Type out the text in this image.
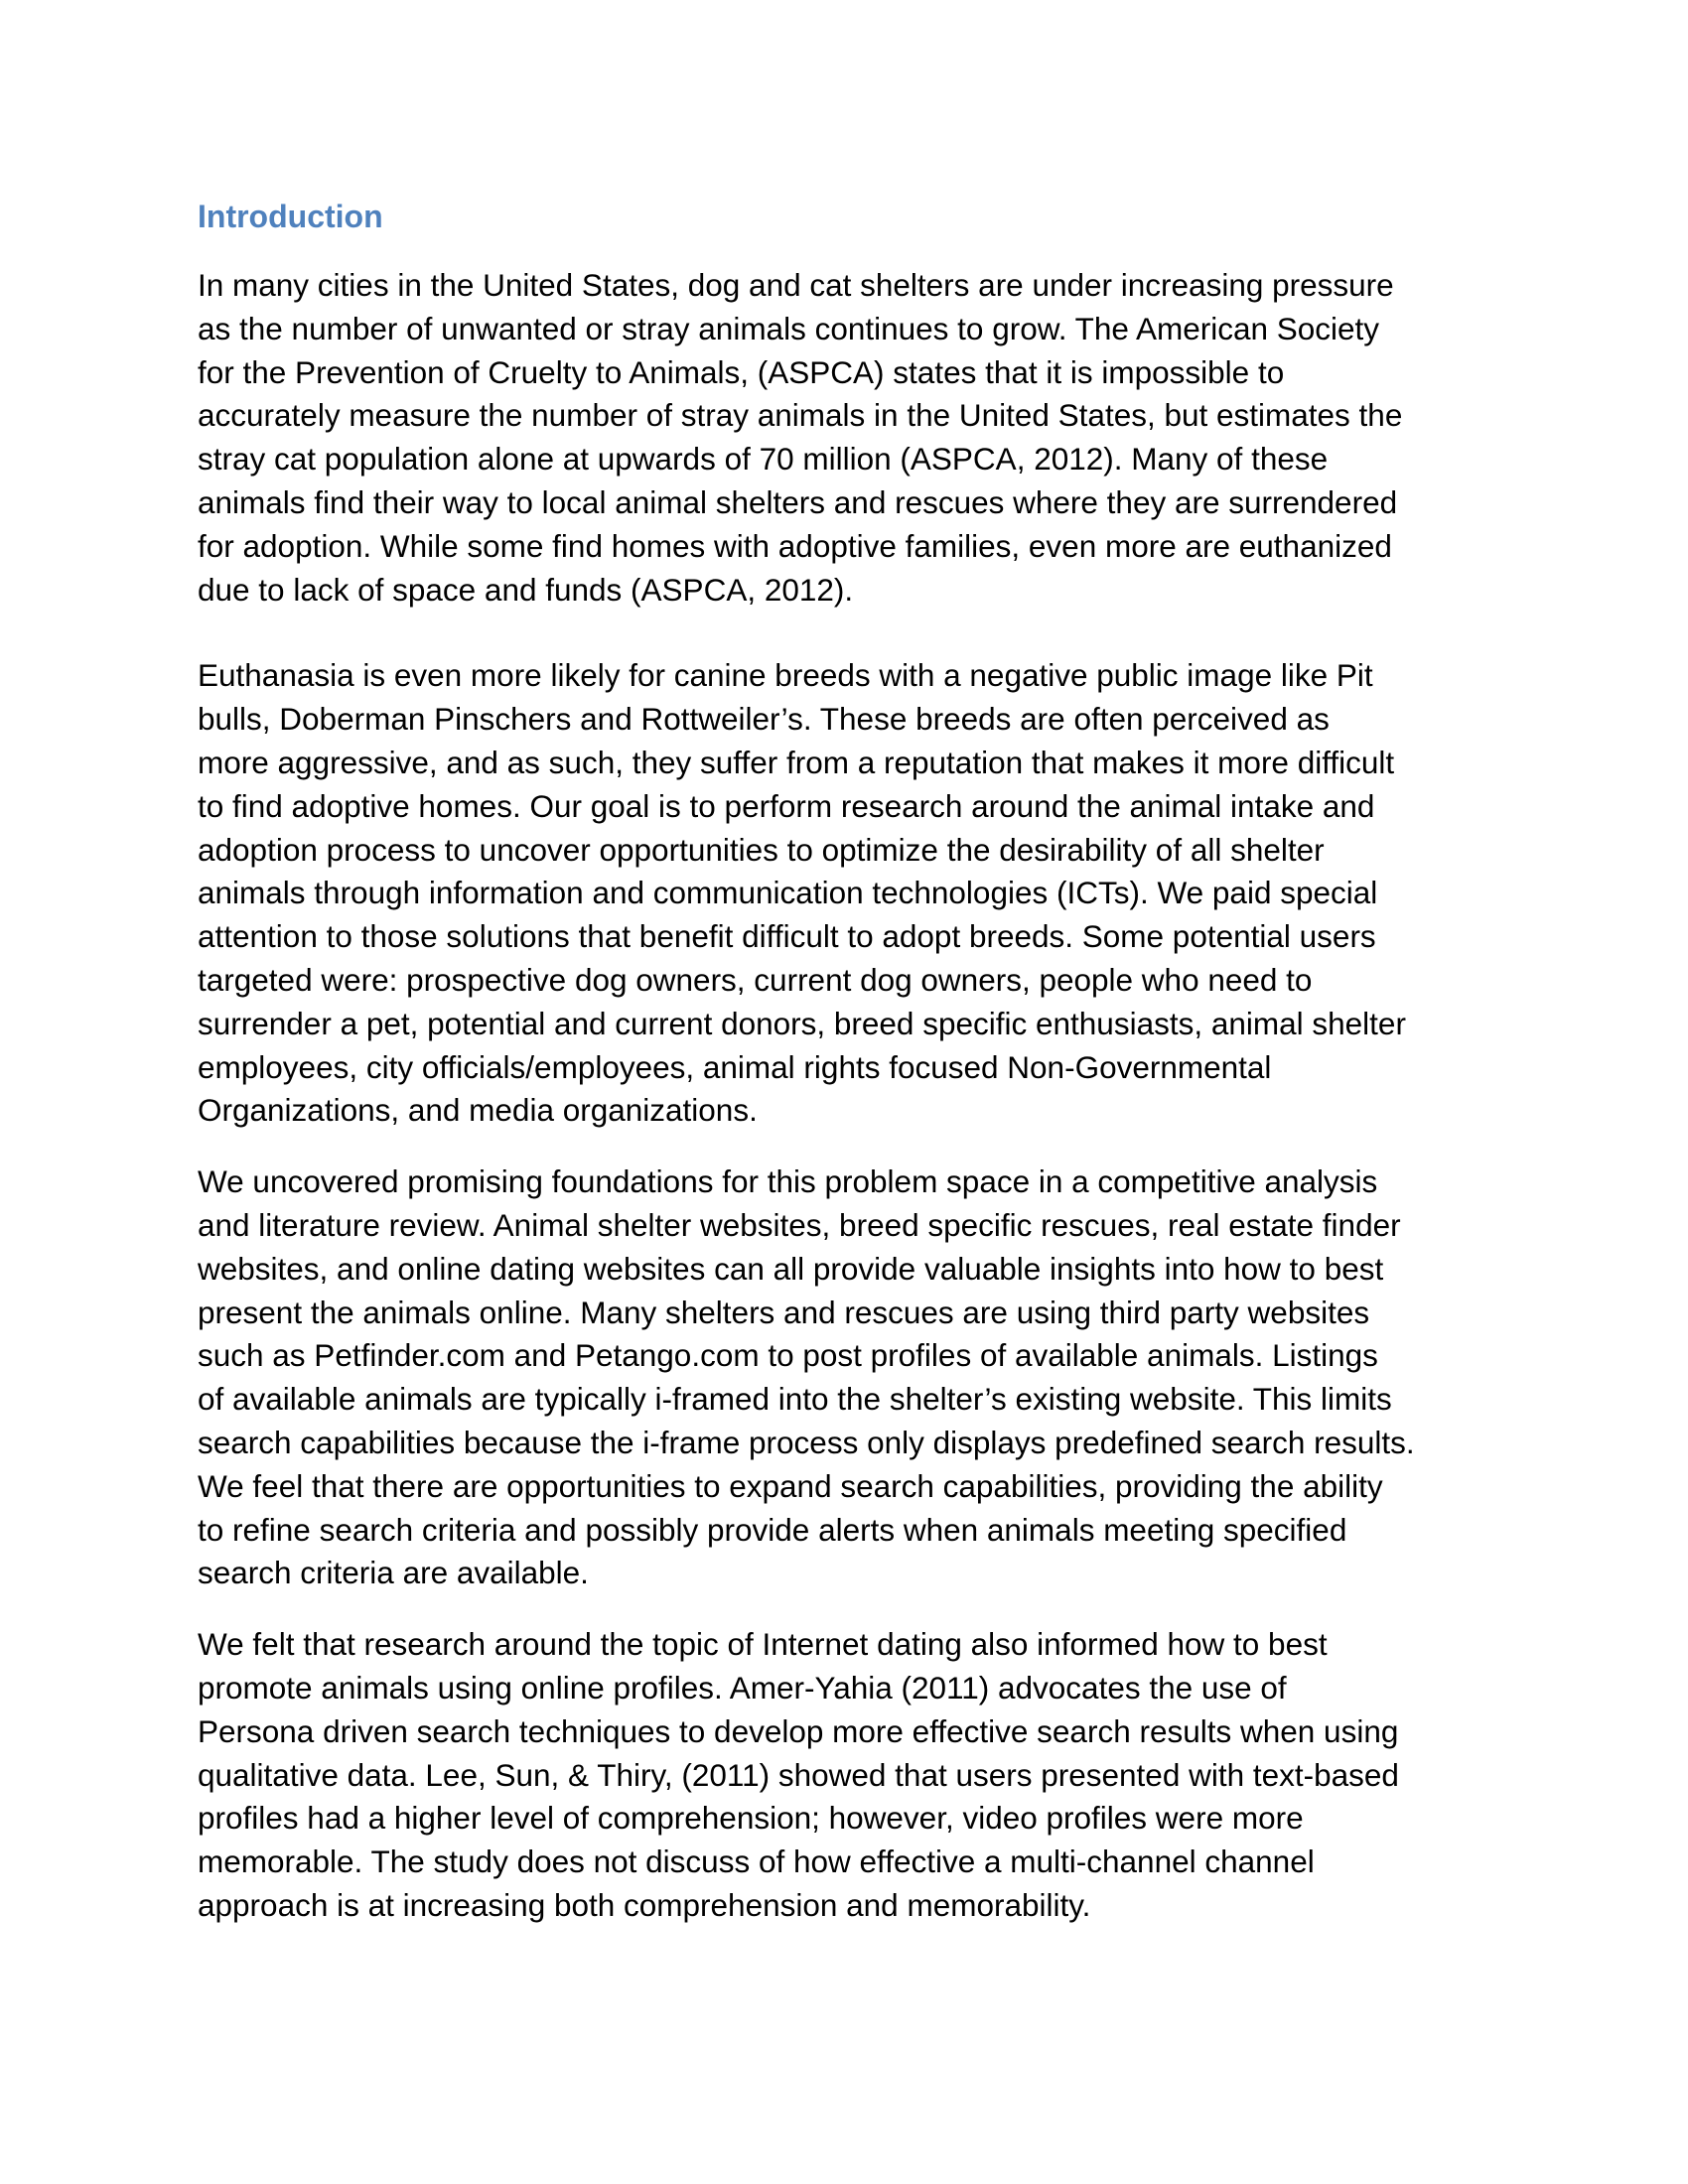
Introduction

In many cities in the United States, dog and cat shelters are under increasing pressure
as the number of unwanted or stray animals continues to grow. The American Society
for the Prevention of Cruelty to Animals, (ASPCA) states that it is impossible to
accurately measure the number of stray animals in the United States, but estimates the
stray cat population alone at upwards of 70 million (ASPCA, 2012). Many of these
animals find their way to local animal shelters and rescues where they are surrendered
for adoption. While some find homes with adoptive families, even more are euthanized
due to lack of space and funds (ASPCA, 2012).

Euthanasia is even more likely for canine breeds with a negative public image like Pit
bulls, Doberman Pinschers and Rottweiler’s. These breeds are often perceived as
more aggressive, and as such, they suffer from a reputation that makes it more difficult
to find adoptive homes. Our goal is to perform research around the animal intake and
adoption process to uncover opportunities to optimize the desirability of all shelter
animals through information and communication technologies (ICTs). We paid special
attention to those solutions that benefit difficult to adopt breeds. Some potential users
targeted were: prospective dog owners, current dog owners, people who need to
surrender a pet, potential and current donors, breed specific enthusiasts, animal shelter
employees, city officials/employees, animal rights focused Non-Governmental
Organizations, and media organizations.

We uncovered promising foundations for this problem space in a competitive analysis
and literature review. Animal shelter websites, breed specific rescues, real estate finder
websites, and online dating websites can all provide valuable insights into how to best
present the animals online. Many shelters and rescues are using third party websites
such as Petfinder.com and Petango.com to post profiles of available animals. Listings
of available animals are typically i-framed into the shelter’s existing website. This limits
search capabilities because the i-frame process only displays predefined search results.
We feel that there are opportunities to expand search capabilities, providing the ability
to refine search criteria and possibly provide alerts when animals meeting specified
search criteria are available.

We felt that research around the topic of Internet dating also informed how to best
promote animals using online profiles. Amer-Yahia (2011) advocates the use of
Persona driven search techniques to develop more effective search results when using
qualitative data. Lee, Sun, & Thiry, (2011) showed that users presented with text-based
profiles had a higher level of comprehension; however, video profiles were more
memorable. The study does not discuss of how effective a multi-channel channel
approach is at increasing both comprehension and memorability.
